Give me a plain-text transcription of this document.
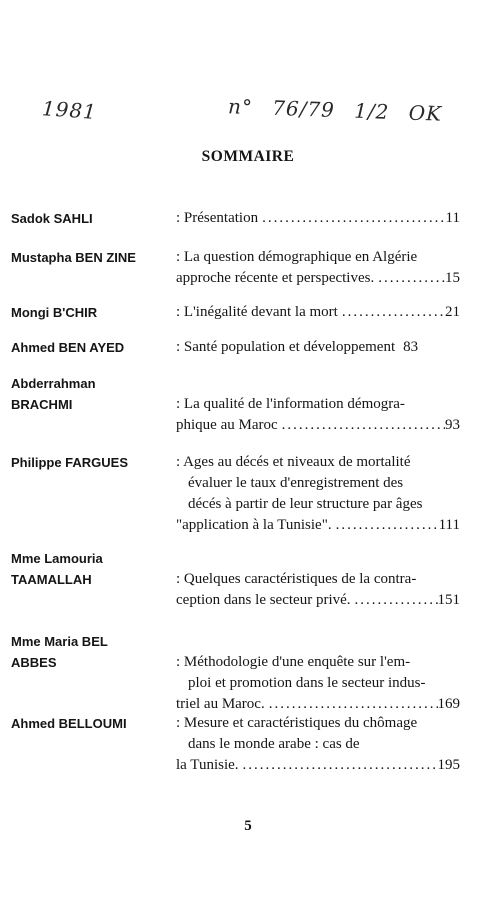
1981	n° 76/79 1/2 OK
SOMMAIRE
Sadok SAHLI	: Présentation .....	11
Mustapha BEN ZINE	: La question démographique en Algérie
approche récente et perspectives. .....	15
Mongi B'CHIR	: L'inégalité devant la mort .....	21
Ahmed BEN AYED	: Santé population et développement 83
Abderrahman
BRACHMI	: La qualité de l'information démogra-
phique au Maroc .....	93
Philippe FARGUES	: Ages au décés et niveaux de mortalité
évaluer le taux d'enregistrement des
décés à partir de leur structure par âges
"application à la Tunisie". .....	111
Mme Lamouria
TAAMALLAH	: Quelques caractéristiques de la contra-
ception dans le secteur privé. .....	151
Mme Maria BEL
ABBES	: Méthodologie d'une enquête sur l'em-
ploi et promotion dans le secteur indus-
triel au Maroc. .....	169
Ahmed BELLOUMI	: Mesure et caractéristiques du chômage
dans le monde arabe : cas de
la Tunisie. .....	195
5
